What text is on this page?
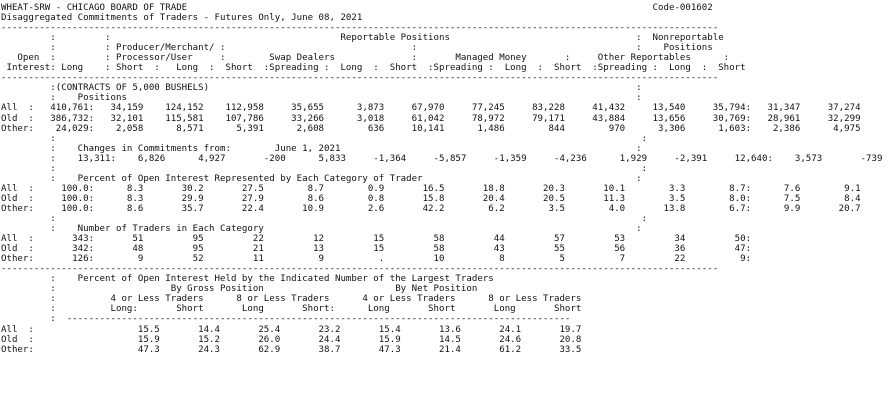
WHEAT-SRW - CHICAGO BOARD OF TRADE                                                                                     Code-001602
Disaggregated Commitments of Traders - Futures Only, June 08, 2021
-----------------------------------------------------------------------------------------------------------------------------------
:         :                                          Reportable Positions                                  :  Nonreportable
:         : Producer/Merchant/ :                                  :                                        :    Positions
Open  :         : Processor/User     :        Swap Dealers              :       Managed Money       :     Other Reportables      :
Interest: Long    : Short  :   Long  :  Short  :Spreading :  Long  :  Short  :Spreading :  Long  :  Short  :Spreading :  Long  :  Short
-----------------------------------------------------------------------------------------------------------------------------------
:(CONTRACTS OF 5,000 BUSHELS)                                                                              :
:    Positions                                                                                             :
All  :   410,761:   34,159    124,152    112,958     35,655      3,873     67,970     77,245     83,228     41,432     13,540     35,794:   31,347     37,274
Old  :   386,732:   32,101    115,581    107,786     33,266      3,018     61,042     78,972     79,171     43,884     13,656     30,769:   28,961     32,299
Other:    24,029:    2,058      8,571      5,391      2,608        636     10,141      1,486        844        970      3,306      1,603:    2,386      4,975
:                                                                                                           :
:    Changes in Commitments from:        June 1, 2021                                                      :
:    13,311:    6,826      4,927       -200      5,833     -1,364     -5,857     -1,359     -4,236      1,929     -2,391     12,640:    3,573       -739
:                                                                                                           :
:    Percent of Open Interest Represented by Each Category of Trader                                       :
All  :     100.0:      8.3       30.2       27.5        8.7        0.9       16.5       18.8       20.3       10.1        3.3        8.7:      7.6        9.1
Old  :     100.0:      8.3       29.9       27.9        8.6        0.8       15.8       20.4       20.5       11.3        3.5        8.0:      7.5        8.4
Other:     100.0:      8.6       35.7       22.4       10.9        2.6       42.2        6.2        3.5        4.0       13.8        6.7:      9.9       20.7
:                                                                                                           :
:    Number of Traders in Each Category                                                                    :
All  :       343:       51         95         22         12         15         58         44         57         53         34         50:
Old  :       342:       48         95         21         13         15         58         43         55         56         36         47:
Other:       126:        9         52         11          9          .         10          8          5          7         22          9:
-----------------------------------------------------------------------------------------------------------------------------------
:    Percent of Open Interest Held by the Indicated Number of the Largest Traders
:                     By Gross Position                        By Net Position
:          4 or Less Traders      8 or Less Traders      4 or Less Traders      8 or Less Traders
:          Long:       Short       Long       Short:      Long       Short       Long       Short
:  --------------------------------------------------------------------------------------------
All  :                   15.5       14.4       25.4       23.2       15.4       13.6       24.1       19.7
Old  :                   15.9       15.2       26.0       24.4       15.9       14.5       24.6       20.8
Other:                   47.3       24.3       62.9       38.7       47.3       21.4       61.2       33.5
